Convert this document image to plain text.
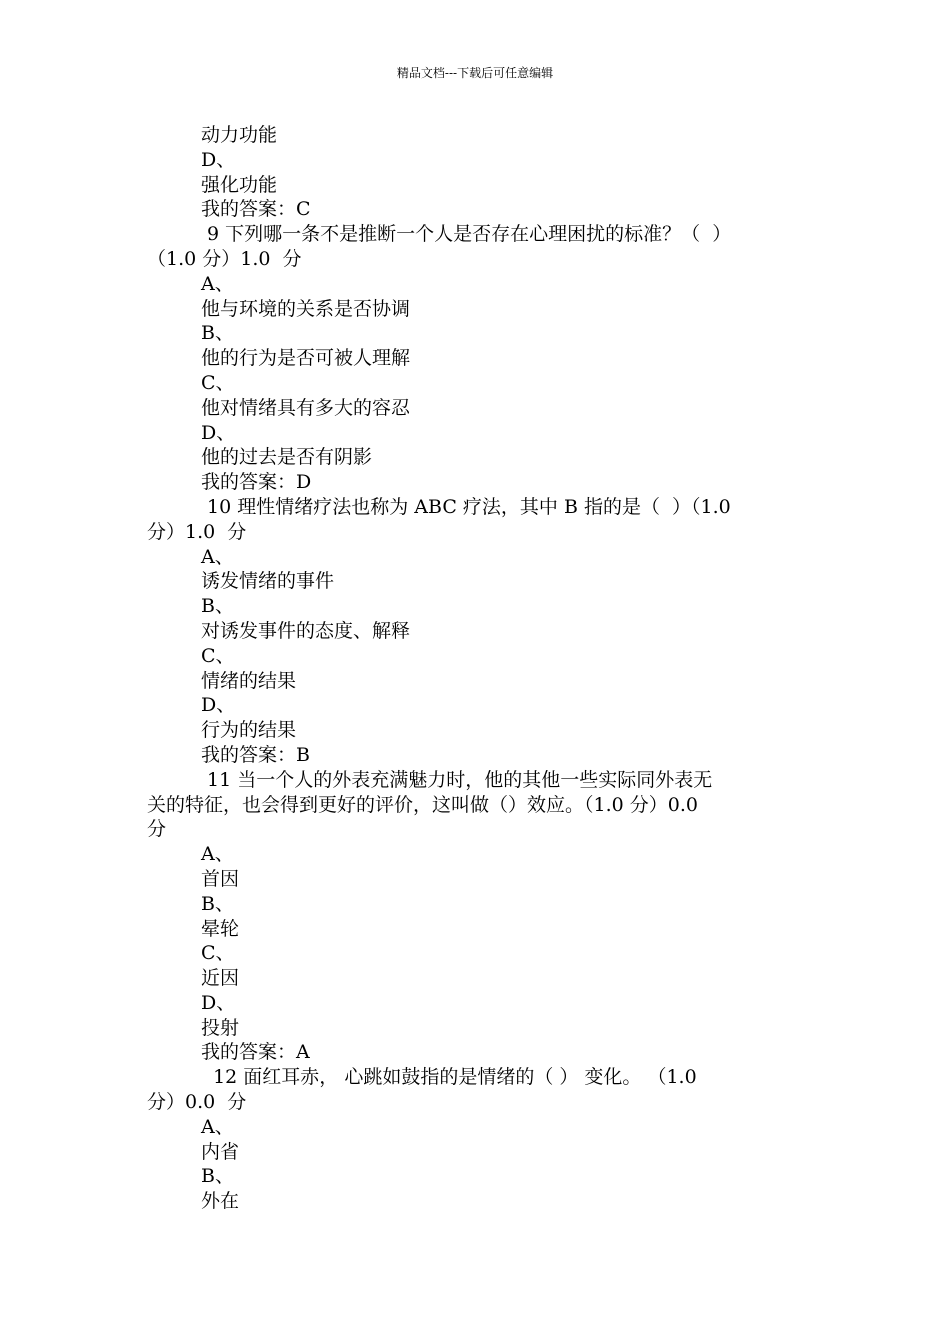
精品文档---下载后可任意编辑
动力功能
D、
强化功能
我的答案：C
9 下列哪一条不是推断一个人是否存在心理困扰的标准？（  ）
（1.0 分）1.0  分
A、
他与环境的关系是否协调
B、
他的行为是否可被人理解
C、
他对情绪具有多大的容忍
D、
他的过去是否有阴影
我的答案：D
10 理性情绪疗法也称为 ABC 疗法，其中 B 指的是（  ）（1.0
分）1.0  分
A、
诱发情绪的事件
B、
对诱发事件的态度、解释
C、
情绪的结果
D、
行为的结果
我的答案：B
11 当一个人的外表充满魅力时，他的其他一些实际同外表无
关的特征，也会得到更好的评价，这叫做（）效应。（1.0 分）0.0
分
A、
首因
B、
晕轮
C、
近因
D、
投射
我的答案：A
12 面红耳赤， 心跳如鼓指的是情绪的（ ） 变化。 （1.0
分）0.0  分
A、
内省
B、
外在
